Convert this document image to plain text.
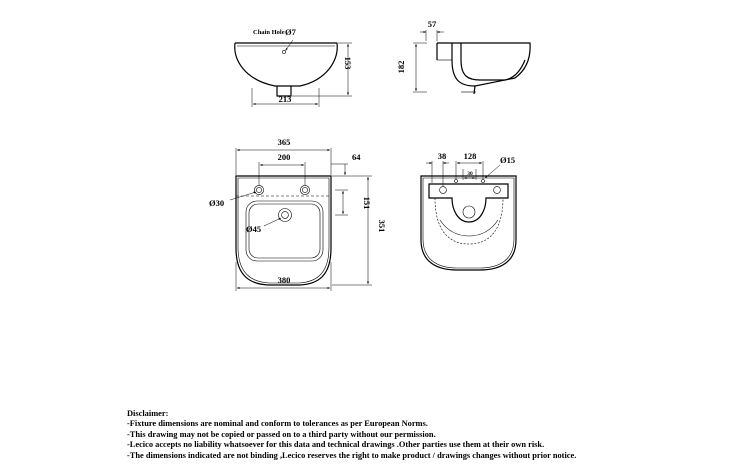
Chain Hole Ø7
153
213
57
182
365
200	64
Ø30
Ø45
151
351
380
38 128
30
Ø15
Disclaimer:
-Fixture dimensions are nominal and conform to tolerances as per European Norms.
-This drawing may not be copied or passed on to a third party without our permission.
-Lecico accepts no liability whatsoever for this data and technical drawings .Other parties use them at their own risk.
-The dimensions indicated are not binding ,Lecico reserves the right to make product / drawings changes without prior notice.
